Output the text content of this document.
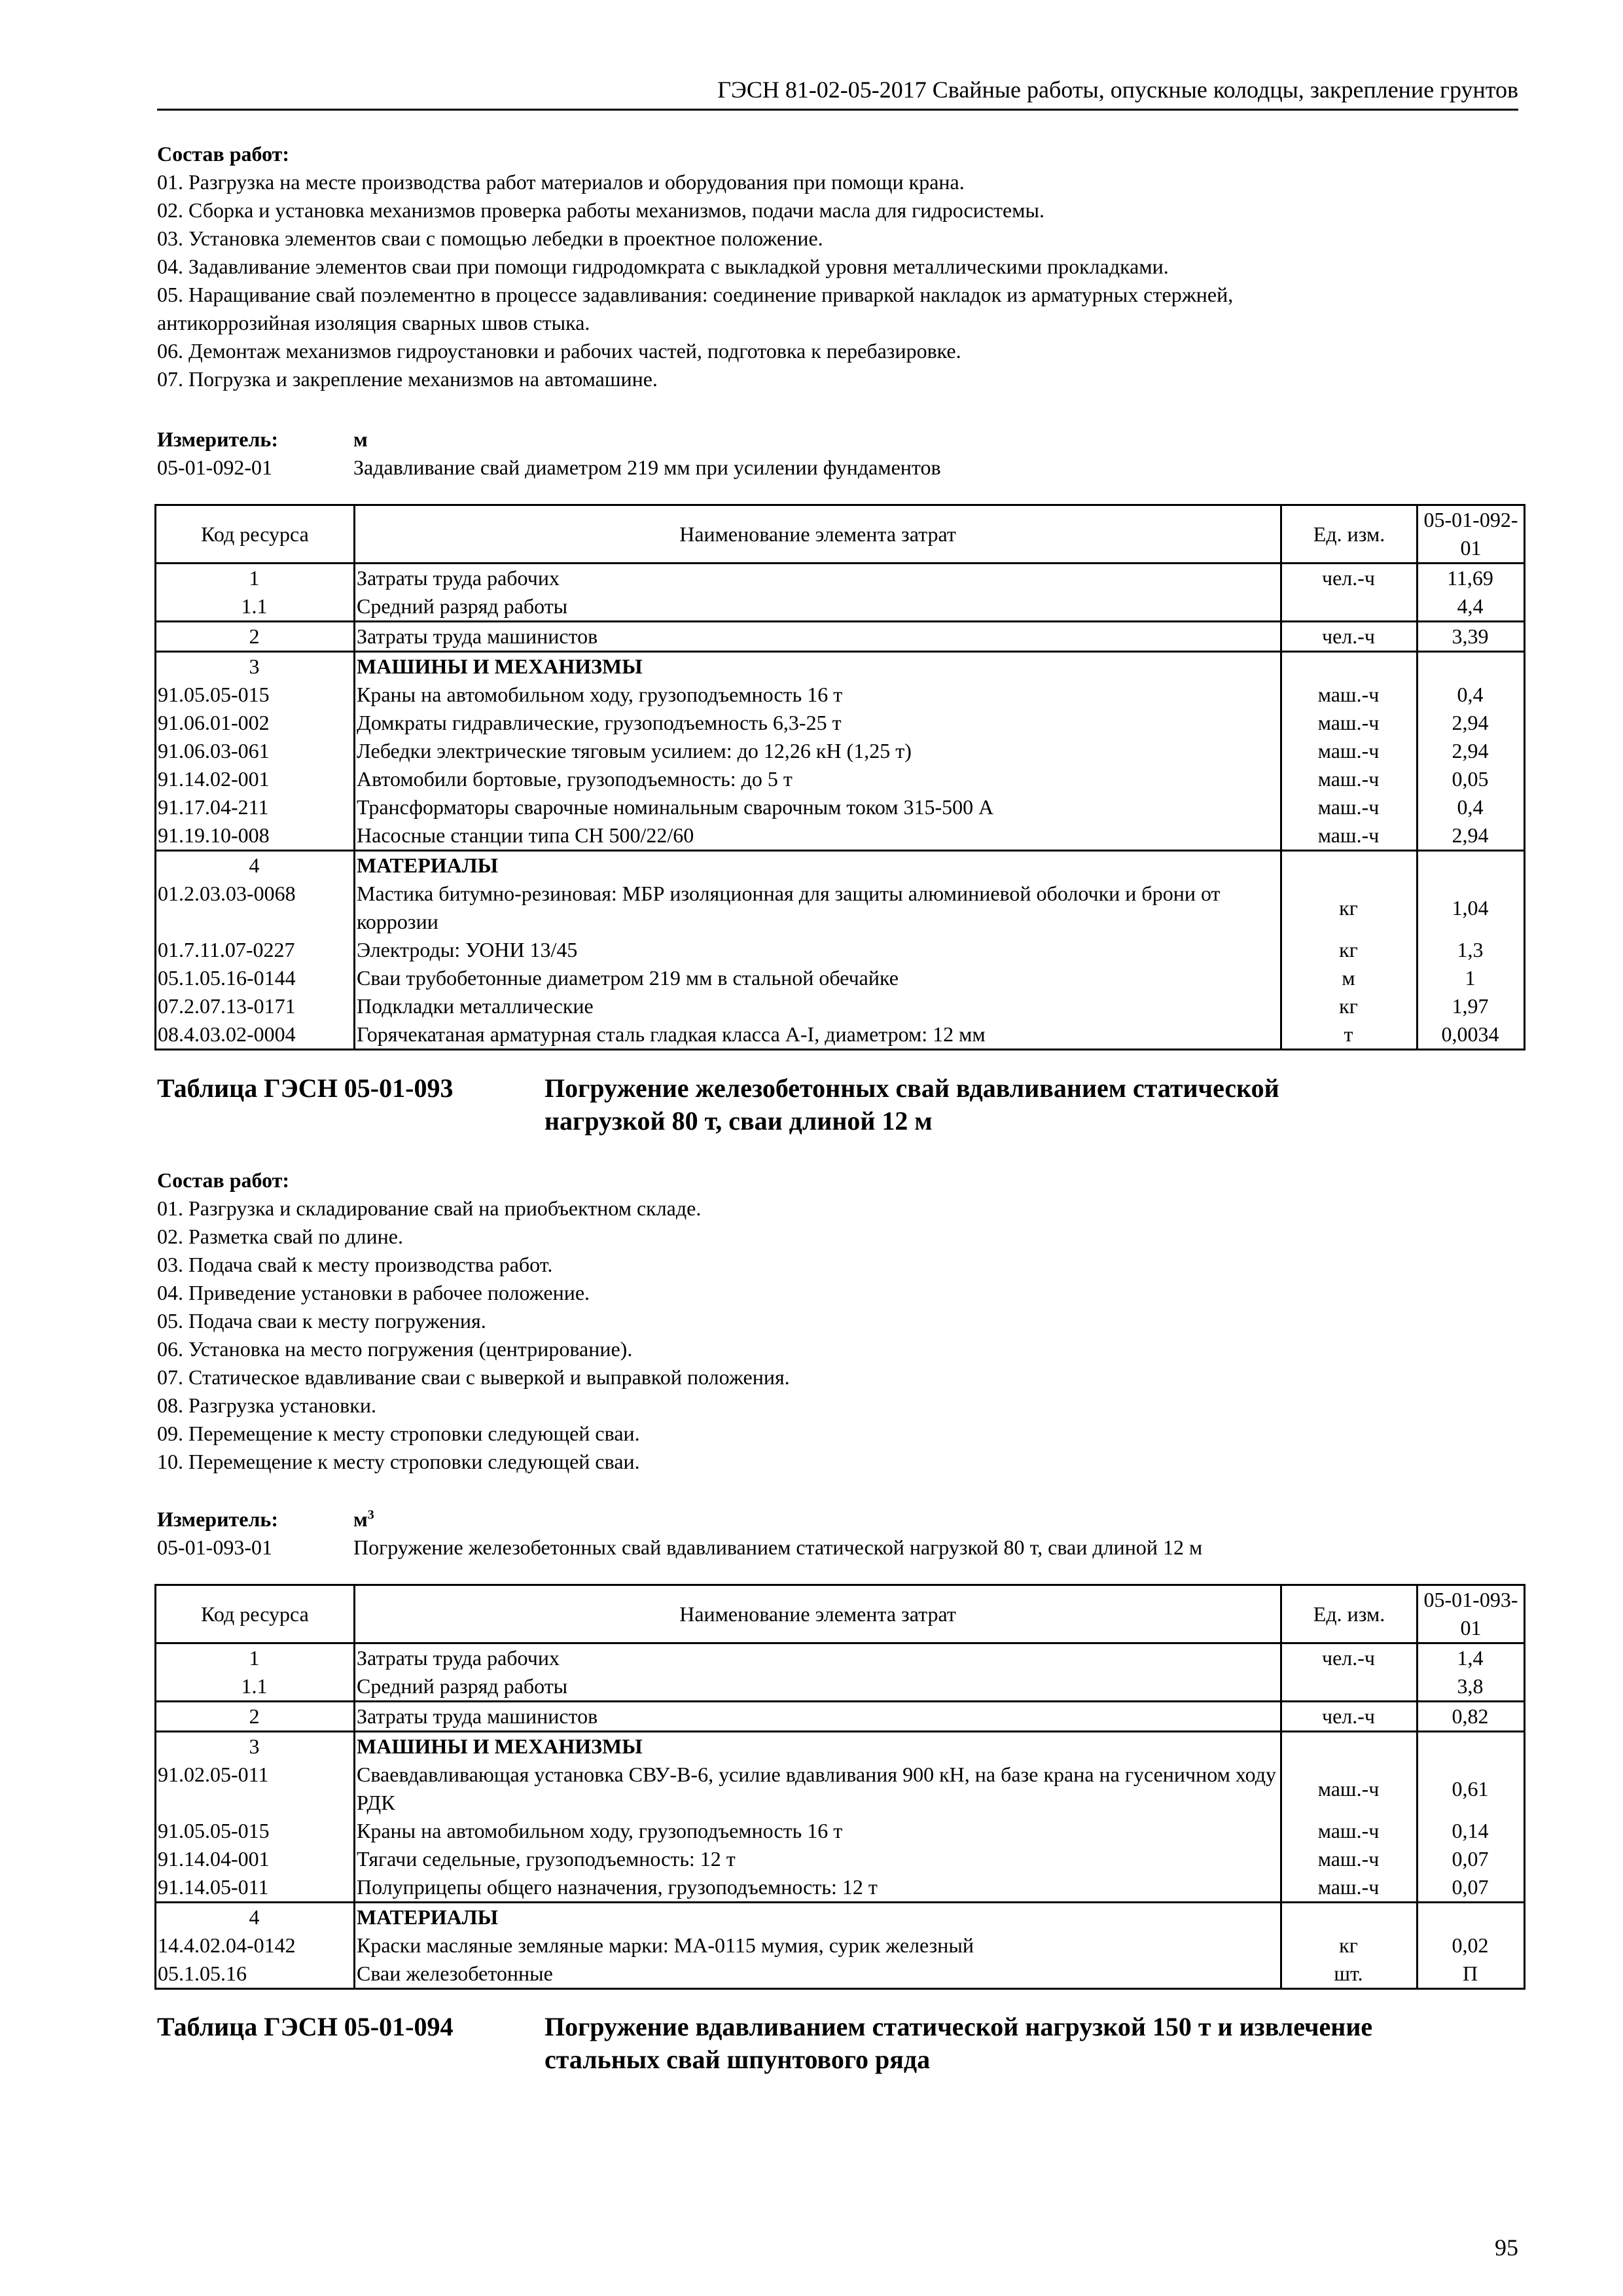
ГЭСН 81-02-05-2017 Свайные работы, опускные колодцы, закрепление грунтов
Состав работ:
01. Разгрузка на месте производства работ материалов и оборудования при помощи крана.
02. Сборка и установка механизмов проверка работы механизмов, подачи масла для гидросистемы.
03. Установка элементов сваи с помощью лебедки в проектное положение.
04. Задавливание элементов сваи при помощи гидродомкрата с выкладкой уровня металлическими прокладками.
05. Наращивание свай поэлементно в процессе задавливания: соединение приваркой накладок из арматурных стержней,
антикоррозийная изоляция сварных швов стыка.
06. Демонтаж механизмов гидроустановки и рабочих частей, подготовка к перебазировке.
07. Погрузка и закрепление механизмов на автомашине.
Измеритель:	м
05-01-092-01	Задавливание свай диаметром 219 мм при усилении фундаментов
Код ресурса	Наименование элемента затрат	Ед. изм.	05-01-092-01
1	Затраты труда рабочих	чел.-ч	11,69
1.1	Средний разряд работы		4,4
2	Затраты труда машинистов	чел.-ч	3,39
3	МАШИНЫ И МЕХАНИЗМЫ		
91.05.05-015	Краны на автомобильном ходу, грузоподъемность 16 т	маш.-ч	0,4
91.06.01-002	Домкраты гидравлические, грузоподъемность 6,3-25 т	маш.-ч	2,94
91.06.03-061	Лебедки электрические тяговым усилием: до 12,26 кН (1,25 т)	маш.-ч	2,94
91.14.02-001	Автомобили бортовые, грузоподъемность: до 5 т	маш.-ч	0,05
91.17.04-211	Трансформаторы сварочные номинальным сварочным током 315-500 А	маш.-ч	0,4
91.19.10-008	Насосные станции типа СН 500/22/60	маш.-ч	2,94
4	МАТЕРИАЛЫ		
01.2.03.03-0068	Мастика битумно-резиновая: МБР изоляционная для защиты алюминиевой оболочки и брони от коррозии	кг	1,04
01.7.11.07-0227	Электроды: УОНИ 13/45	кг	1,3
05.1.05.16-0144	Сваи трубобетонные диаметром 219 мм в стальной обечайке	м	1
07.2.07.13-0171	Подкладки металлические	кг	1,97
08.4.03.02-0004	Горячекатаная арматурная сталь гладкая класса А-I, диаметром: 12 мм	т	0,0034
Таблица ГЭСН 05-01-093	Погружение железобетонных свай вдавливанием статической
нагрузкой 80 т, сваи длиной 12 м
Состав работ:
01. Разгрузка и складирование свай на приобъектном складе.
02. Разметка свай по длине.
03. Подача свай к месту производства работ.
04. Приведение установки в рабочее положение.
05. Подача сваи к месту погружения.
06. Установка на место погружения (центрирование).
07. Статическое вдавливание сваи с выверкой и выправкой положения.
08. Разгрузка установки.
09. Перемещение к месту строповки следующей сваи.
10. Перемещение к месту строповки следующей сваи.
Измеритель:	$м^3$
05-01-093-01	Погружение железобетонных свай вдавливанием статической нагрузкой 80 т, сваи длиной 12 м
Код ресурса	Наименование элемента затрат	Ед. изм.	05-01-093-01
1	Затраты труда рабочих	чел.-ч	1,4
1.1	Средний разряд работы		3,8
2	Затраты труда машинистов	чел.-ч	0,82
3	МАШИНЫ И МЕХАНИЗМЫ		
91.02.05-011	Сваевдавливающая установка СВУ-В-6, усилие вдавливания 900 кН, на базе крана на гусеничном ходу РДК	маш.-ч	0,61
91.05.05-015	Краны на автомобильном ходу, грузоподъемность 16 т	маш.-ч	0,14
91.14.04-001	Тягачи седельные, грузоподъемность: 12 т	маш.-ч	0,07
91.14.05-011	Полуприцепы общего назначения, грузоподъемность: 12 т	маш.-ч	0,07
4	МАТЕРИАЛЫ		
14.4.02.04-0142	Краски масляные земляные марки: МА-0115 мумия, сурик железный	кг	0,02
05.1.05.16	Сваи железобетонные	шт.	П
Таблица ГЭСН 05-01-094	Погружение вдавливанием статической нагрузкой 150 т и извлечение
стальных свай шпунтового ряда
95
